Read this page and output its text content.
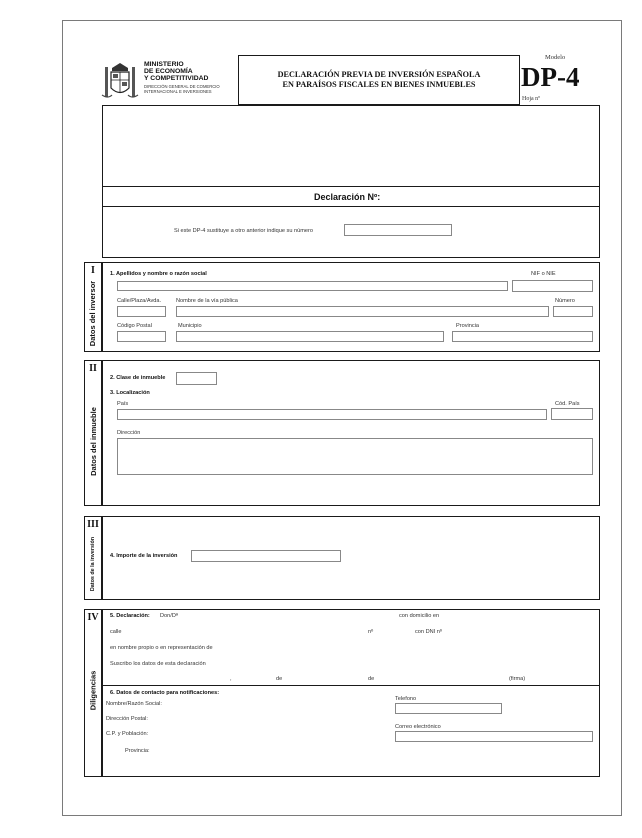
MINISTERIO
DE ECONOMÍA
Y COMPETITIVIDAD
DIRECCIÓN GENERAL DE COMERCIO
INTERNACIONAL E INVERSIONES
DECLARACIÓN PREVIA DE INVERSIÓN ESPAÑOLA
EN PARAÍSOS FISCALES EN BIENES INMUEBLES
Modelo
DP-4
Hoja nº
Declaración Nº:
Si este DP-4 sustituye a otro anterior indique su número
I
Datos del inversor
1. Apellidos y nombre o razón social	NIF o NIE
Calle/Plaza/Avda.	Nombre de la vía pública	Número
Código Postal	Municipio	Provincia
II
Datos del inmueble
2. Clase de inmueble
3. Localización
País	Cód. País
Dirección
III
Datos de la inversión 4. Importe de la inversión
IV
Diligencias
5. Declaración: Don/Dª	con domicilio en
calle	nº	con DNI nº
en nombre propio o en representación de
Suscribo los datos de esta declaración
,	de	de	(firma)
6. Datos de contacto para notificaciones:
Nombre/Razón Social:
Telefono
Dirección Postal:
Correo electrónico
C.P. y Población:
Provincia:
